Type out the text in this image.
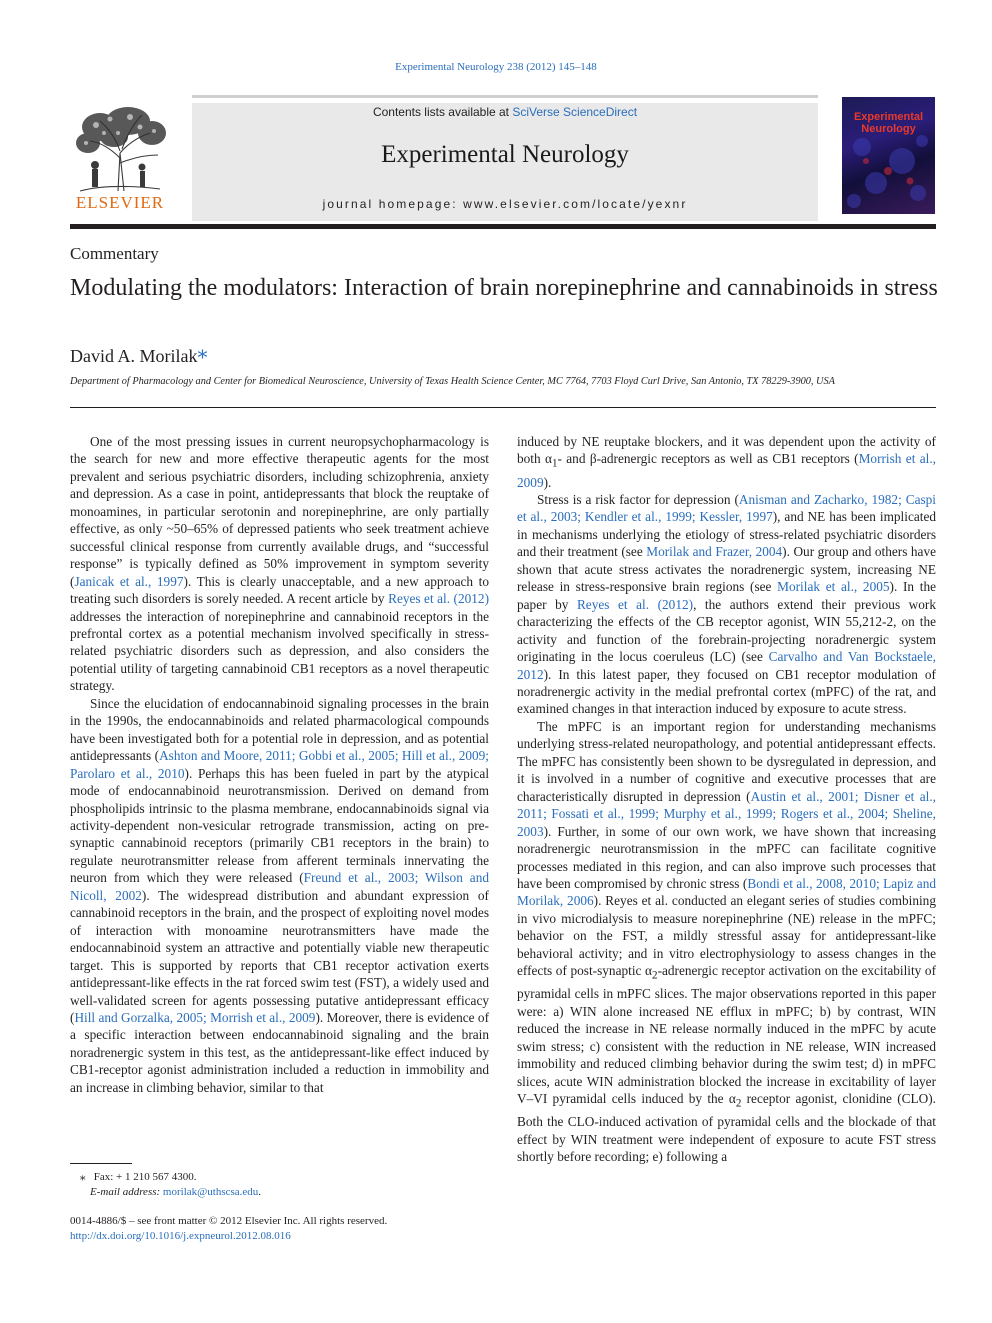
Experimental Neurology 238 (2012) 145–148
ELSEVIER
Contents lists available at SciVerse ScienceDirect
Experimental Neurology
journal homepage: www.elsevier.com/locate/yexnr
Experimental Neurology
Commentary
Modulating the modulators: Interaction of brain norepinephrine and cannabinoids in stress
David A. Morilak⁎
Department of Pharmacology and Center for Biomedical Neuroscience, University of Texas Health Science Center, MC 7764, 7703 Floyd Curl Drive, San Antonio, TX 78229-3900, USA

One of the most pressing issues in current neuropsychopharmacology is the search for new and more effective therapeutic agents for the most prevalent and serious psychiatric disorders, including schizophrenia, anxiety and depression. As a case in point, antidepressants that block the reuptake of monoamines, in particular serotonin and norepinephrine, are only partially effective, as only ~50–65% of depressed patients who seek treatment achieve successful clinical response from currently available drugs, and “successful response” is typically defined as 50% improvement in symptom severity (Janicak et al., 1997). This is clearly unacceptable, and a new approach to treating such disorders is sorely needed. A recent article by Reyes et al. (2012) addresses the interaction of norepinephrine and cannabinoid receptors in the prefrontal cortex as a potential mechanism involved specifically in stress-related psychiatric disorders such as depression, and also considers the potential utility of targeting cannabinoid CB1 receptors as a novel therapeutic strategy.

Since the elucidation of endocannabinoid signaling processes in the brain in the 1990s, the endocannabinoids and related pharmacological compounds have been investigated both for a potential role in depression, and as potential antidepressants (Ashton and Moore, 2011; Gobbi et al., 2005; Hill et al., 2009; Parolaro et al., 2010). Perhaps this has been fueled in part by the atypical mode of endocannabinoid neurotransmission. Derived on demand from phospholipids intrinsic to the plasma membrane, endocannabinoids signal via activity-dependent non-vesicular retrograde transmission, acting on pre-synaptic cannabinoid receptors (primarily CB1 receptors in the brain) to regulate neurotransmitter release from afferent terminals innervating the neuron from which they were released (Freund et al., 2003; Wilson and Nicoll, 2002). The widespread distribution and abundant expression of cannabinoid receptors in the brain, and the prospect of exploiting novel modes of interaction with monoamine neurotransmitters have made the endocannabinoid system an attractive and potentially viable new therapeutic target. This is supported by reports that CB1 receptor activation exerts antidepressant-like effects in the rat forced swim test (FST), a widely used and well-validated screen for agents possessing putative antidepressant efficacy (Hill and Gorzalka, 2005; Morrish et al., 2009). Moreover, there is evidence of a specific interaction between endocannabinoid signaling and the brain noradrenergic system in this test, as the antidepressant-like effect induced by CB1-receptor agonist administration included a reduction in immobility and an increase in climbing behavior, similar to that

induced by NE reuptake blockers, and it was dependent upon the activity of both $\alpha_1-$ and β-adrenergic receptors as well as CB1 receptors (Morrish et al., 2009).

Stress is a risk factor for depression (Anisman and Zacharko, 1982; Caspi et al., 2003; Kendler et al., 1999; Kessler, 1997), and NE has been implicated in mechanisms underlying the etiology of stress-related psychiatric disorders and their treatment (see Morilak and Frazer, 2004). Our group and others have shown that acute stress activates the noradrenergic system, increasing NE release in stress-responsive brain regions (see Morilak et al., 2005). In the paper by Reyes et al. (2012), the authors extend their previous work characterizing the effects of the CB receptor agonist, WIN 55,212-2, on the activity and function of the forebrain-projecting noradrenergic system originating in the locus coeruleus (LC) (see Carvalho and Van Bockstaele, 2012). In this latest paper, they focused on CB1 receptor modulation of noradrenergic activity in the medial prefrontal cortex (mPFC) of the rat, and examined changes in that interaction induced by exposure to acute stress.

The mPFC is an important region for understanding mechanisms underlying stress-related neuropathology, and potential antidepressant effects. The mPFC has consistently been shown to be dysregulated in depression, and it is involved in a number of cognitive and executive processes that are characteristically disrupted in depression (Austin et al., 2001; Disner et al., 2011; Fossati et al., 1999; Murphy et al., 1999; Rogers et al., 2004; Sheline, 2003). Further, in some of our own work, we have shown that increasing noradrenergic neurotransmission in the mPFC can facilitate cognitive processes mediated in this region, and can also improve such processes that have been compromised by chronic stress (Bondi et al., 2008, 2010; Lapiz and Morilak, 2006). Reyes et al. conducted an elegant series of studies combining in vivo microdialysis to measure norepinephrine (NE) release in the mPFC; behavior on the FST, a mildly stressful assay for antidepressant-like behavioral activity; and in vitro electrophysiology to assess changes in the effects of post-synaptic $\alpha_2$-adrenergic receptor activation on the excitability of pyramidal cells in mPFC slices. The major observations reported in this paper were: a) WIN alone increased NE efflux in mPFC; b) by contrast, WIN reduced the increase in NE release normally induced in the mPFC by acute swim stress; c) consistent with the reduction in NE release, WIN increased immobility and reduced climbing behavior during the swim test; d) in mPFC slices, acute WIN administration blocked the increase in excitability of layer V–VI pyramidal cells induced by the $\alpha_2$ receptor agonist, clonidine (CLO). Both the CLO-induced activation of pyramidal cells and the blockade of that effect by WIN treatment were independent of exposure to acute FST stress shortly before recording; e) following a

⁎ Fax: + 1 210 567 4300.
E-mail address: morilak@uthscsa.edu.
0014-4886/$ – see front matter © 2012 Elsevier Inc. All rights reserved.
http://dx.doi.org/10.1016/j.expneurol.2012.08.016
